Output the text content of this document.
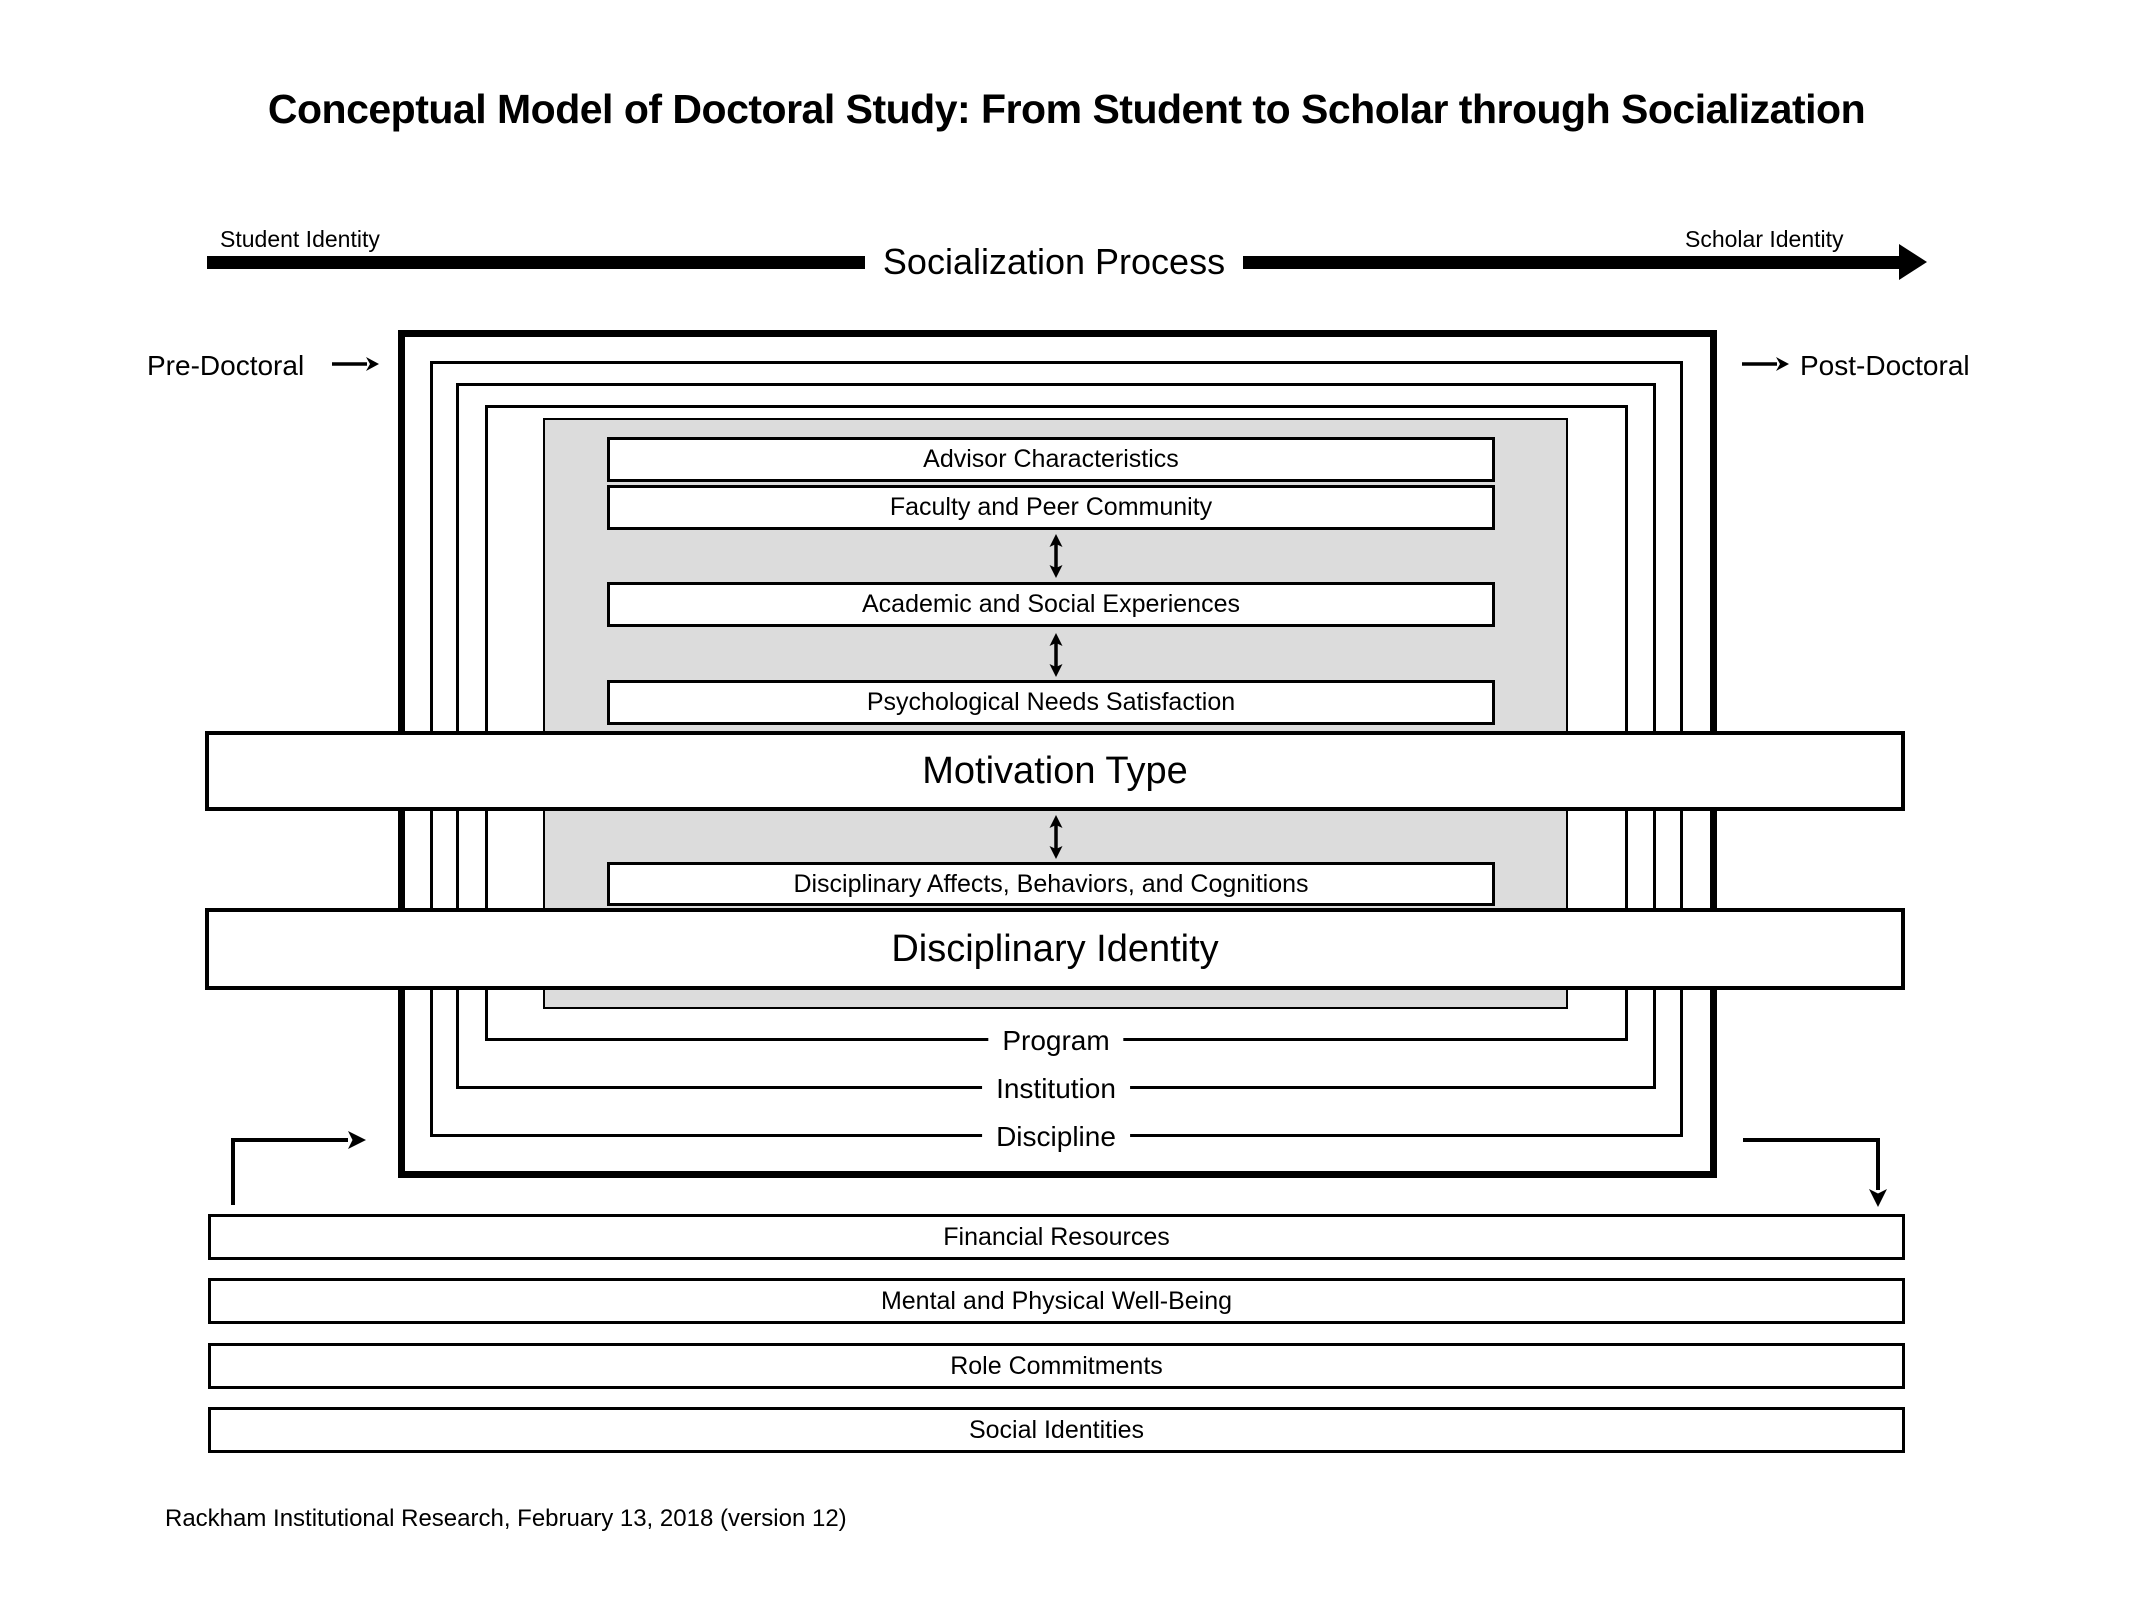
Conceptual Model of Doctoral Study: From Student to Scholar through Socialization
Student Identity	Scholar Identity
Socialization Process
Pre-Doctoral	Post-Doctoral
Program
Institution
Discipline
Advisor Characteristics
Faculty and Peer Community
Academic and Social Experiences
Psychological Needs Satisfaction
Motivation Type
Disciplinary Affects, Behaviors, and Cognitions
Disciplinary Identity
Financial Resources
Mental and Physical Well-Being
Role Commitments
Social Identities
Rackham Institutional Research, February 13, 2018 (version 12)
